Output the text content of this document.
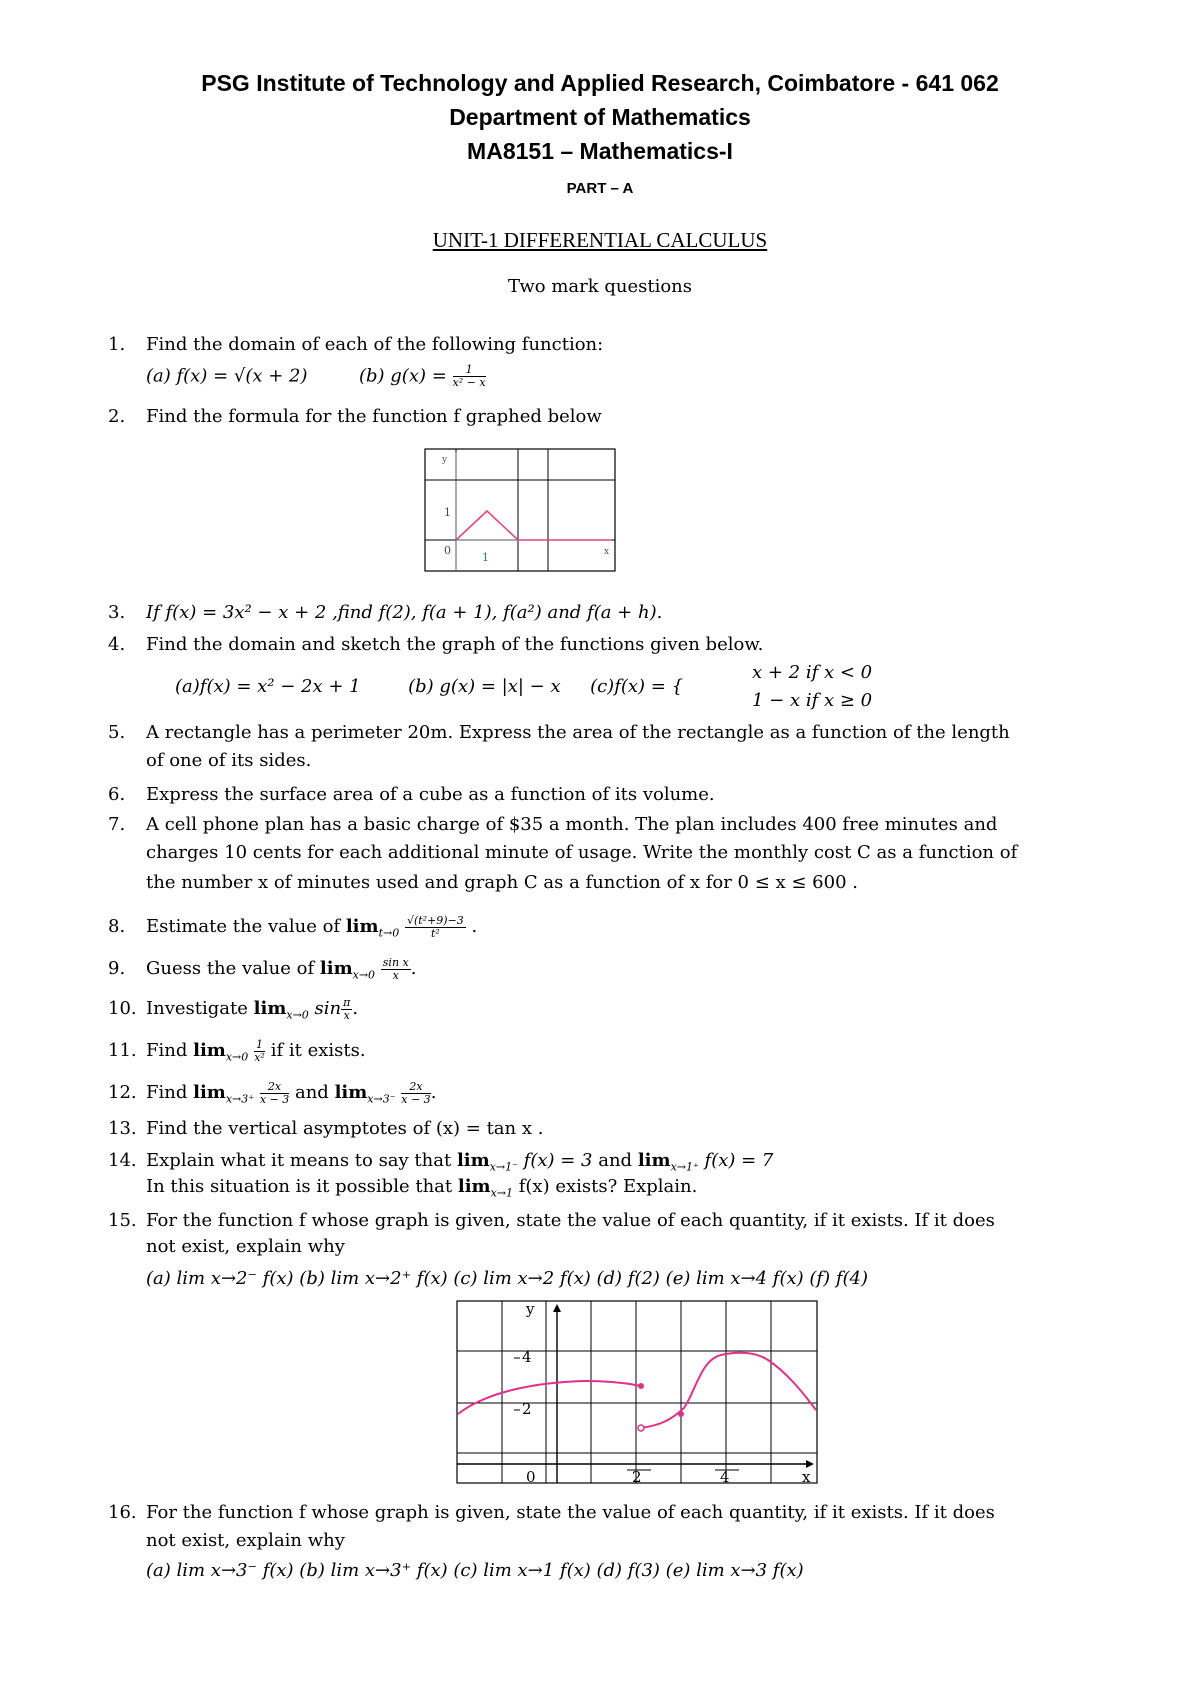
PSG Institute of Technology and Applied Research, Coimbatore - 641 062
Department of Mathematics
MA8151 – Mathematics-I
PART – A
UNIT-1 DIFFERENTIAL CALCULUS
Two mark questions
1. Find the domain of each of the following function:
(a) f(x) = √(x + 2)	(b) $g(x) = \frac{1}{\text{x² − x}}$
2. Find the formula for the function f graphed below
y
x
1
1
0
3. If f(x) = 3x² − x + 2 ,find f(2), f(a + 1), f(a²) and f(a + h).
4. Find the domain and sketch the graph of the functions given below.
(a)f(x) = x² − 2x + 1	(b) g(x) = |x| − x (c)f(x) = {
x + 2 if x < 0
1 − x if x ≥ 0
5. A rectangle has a perimeter 20m. Express the area of the rectangle as a function of the length
of one of its sides.
6. Express the surface area of a cube as a function of its volume.
7. A cell phone plan has a basic charge of $35 a month. The plan includes 400 free minutes and
charges 10 cents for each additional minute of usage. Write the monthly cost C as a function of
the number x of minutes used and graph C as a function of x for 0 ≤ x ≤ 600 .
8. Estimate the value of $\lim_{t\to 0} \frac{\text{√(t²+9)−3}}{\text{t²}}$ .
9. Guess the value of $\lim_{x\to 0} \frac{\text{sin x}}{x}$ .
10. Investigate $\lim_{x\to 0} \sin \frac{\pi}{x}$ .
11. Find $\lim_{x\to 0} \frac{1}{\text{x²}}$ if it exists.
12. Find $\lim_{x\to 3^+} \frac{2x}{x - 3}$ and $\lim_{x\to 3^-} \frac{2x}{x - 3}$ .
13. Find the vertical asymptotes of (x) = tan x .
14. Explain what it means to say that $\lim_{x\to 1^-} f(x) = 3$ and $\lim_{x\to 1^+} f(x) = 7$
In this situation is it possible that $\lim_{x\to 1} f(x)$ exists? Explain.
15. For the function f whose graph is given, state the value of each quantity, if it exists. If it does
not exist, explain why
(a) lim x→2⁻ f(x) (b) lim x→2⁺ f(x) (c) lim x→2 f(x) (d) f(2) (e) lim x→4 f(x) (f) f(4)
y
x
4
2
0	2	4
16. For the function f whose graph is given, state the value of each quantity, if it exists. If it does
not exist, explain why
(a) lim x→3⁻ f(x) (b) lim x→3⁺ f(x) (c) lim x→1 f(x) (d) f(3) (e) lim x→3 f(x)
